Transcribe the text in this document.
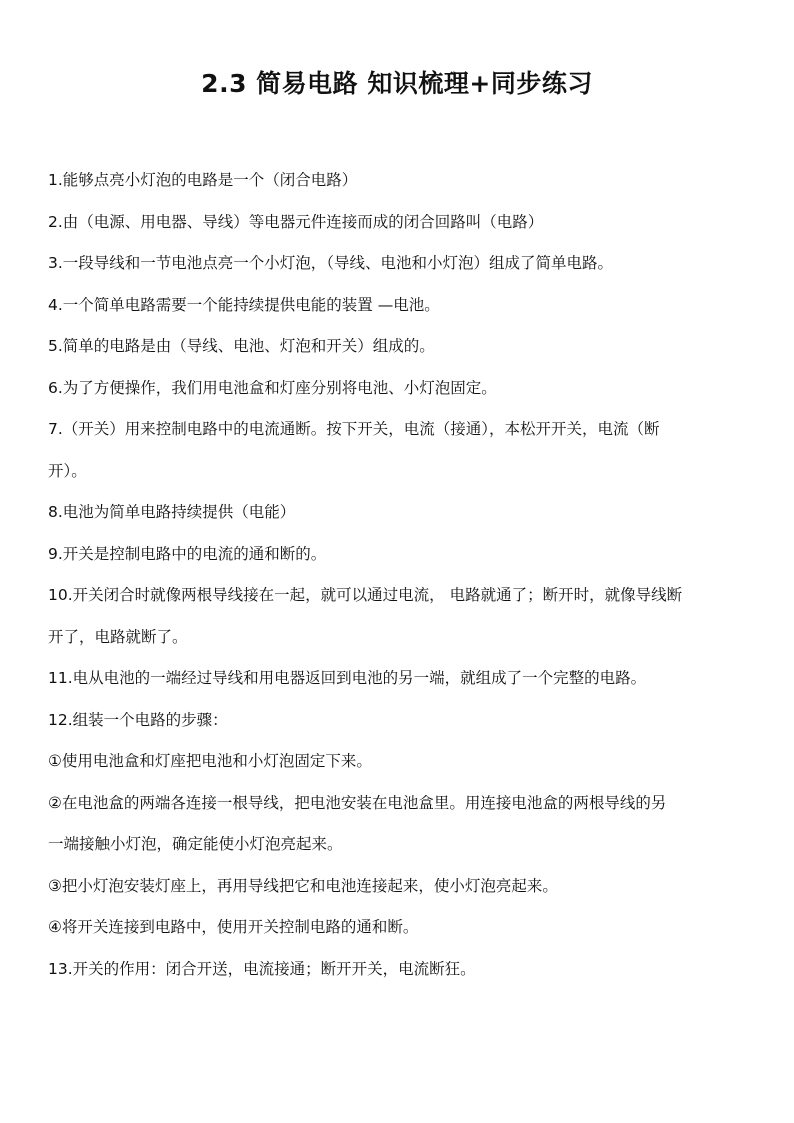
2.3 简易电路 知识梳理+同步练习

1.能够点亮小灯泡的电路是一个（闭合电路）

2.由（电源、用电器、导线）等电器元件连接而成的闭合回路叫（电路）

3.一段导线和一节电池点亮一个小灯泡，（导线、电池和小灯泡）组成了简单电路。

4.一个简单电路需要一个能持续提供电能的装置 —电池。

5.简单的电路是由（导线、电池、灯泡和开关）组成的。

6.为了方便操作，我们用电池盒和灯座分别将电池、小灯泡固定。

7.（开关）用来控制电路中的电流通断。按下开关，电流（接通），本松开开关，电流（断

开）。

8.电池为简单电路持续提供（电能）

9.开关是控制电路中的电流的通和断的。

10.开关闭合时就像两根导线接在一起，就可以通过电流， 电路就通了；断开时，就像导线断

开了，电路就断了。

11.电从电池的一端经过导线和用电器返回到电池的另一端，就组成了一个完整的电路。

12.组装一个电路的步骤：

①使用电池盒和灯座把电池和小灯泡固定下来。

②在电池盒的两端各连接一根导线，把电池安装在电池盒里。用连接电池盒的两根导线的另

一端接触小灯泡，确定能使小灯泡亮起来。

③把小灯泡安装灯座上，再用导线把它和电池连接起来，使小灯泡亮起来。

④将开关连接到电路中，使用开关控制电路的通和断。

13.开关的作用：闭合开送，电流接通；断开开关，电流断狂。
